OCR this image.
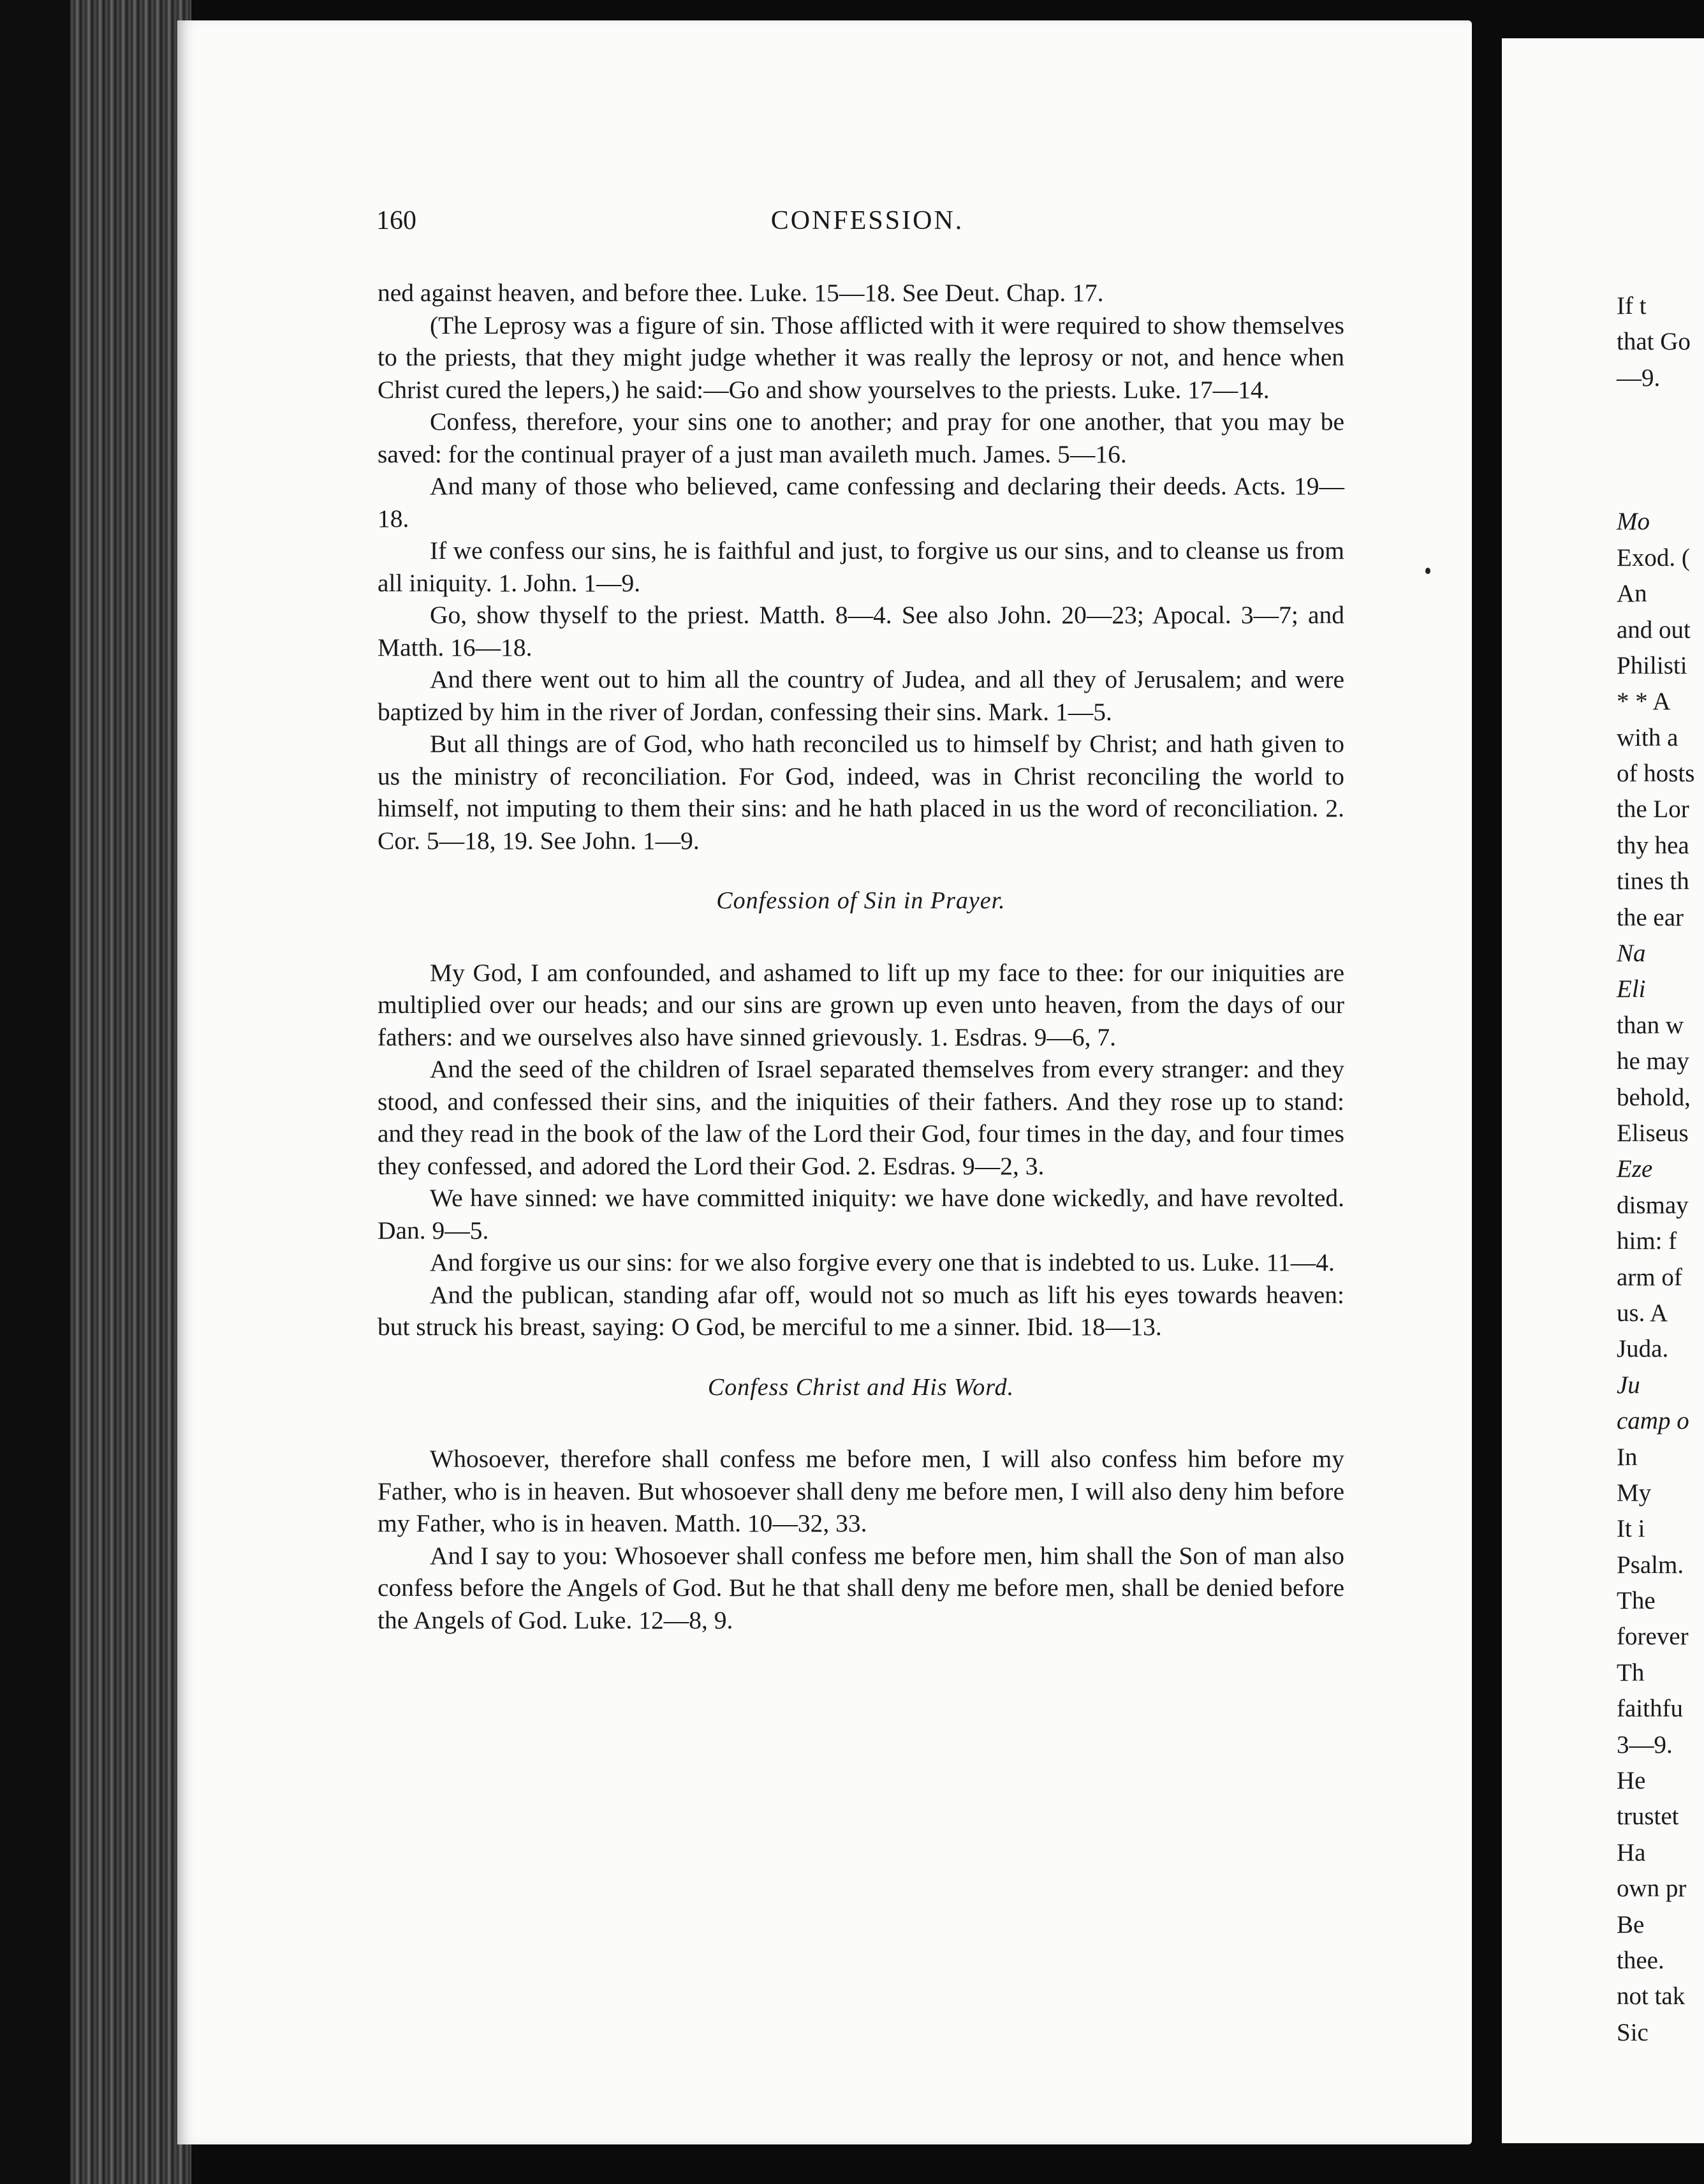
160	CONFESSION.

ned against heaven, and before thee. Luke. 15—18. See Deut. Chap. 17.

(The Leprosy was a figure of sin. Those afflicted with it were required to show themselves to the priests, that they might judge whether it was really the leprosy or not, and hence when Christ cured the lepers,) he said:—Go and show yourselves to the priests. Luke. 17—14.

Confess, therefore, your sins one to another; and pray for one another, that you may be saved: for the continual prayer of a just man availeth much. James. 5—16.

And many of those who believed, came confessing and declaring their deeds. Acts. 19—18.

If we confess our sins, he is faithful and just, to forgive us our sins, and to cleanse us from all iniquity. 1. John. 1—9.

Go, show thyself to the priest. Matth. 8—4. See also John. 20—23; Apocal. 3—7; and Matth. 16—18.

And there went out to him all the country of Judea, and all they of Jerusalem; and were baptized by him in the river of Jordan, confessing their sins. Mark. 1—5.

But all things are of God, who hath reconciled us to himself by Christ; and hath given to us the ministry of reconciliation. For God, indeed, was in Christ reconciling the world to himself, not imputing to them their sins: and he hath placed in us the word of reconciliation. 2. Cor. 5—18, 19. See John. 1—9.

Confession of Sin in Prayer.

My God, I am confounded, and ashamed to lift up my face to thee: for our iniquities are multiplied over our heads; and our sins are grown up even unto heaven, from the days of our fathers: and we ourselves also have sinned grievously. 1. Esdras. 9—6, 7.

And the seed of the children of Israel separated themselves from every stranger: and they stood, and confessed their sins, and the iniquities of their fathers. And they rose up to stand: and they read in the book of the law of the Lord their God, four times in the day, and four times they confessed, and adored the Lord their God. 2. Esdras. 9—2, 3.

We have sinned: we have committed iniquity: we have done wickedly, and have revolted. Dan. 9—5.

And forgive us our sins: for we also forgive every one that is indebted to us. Luke. 11—4.

And the publican, standing afar off, would not so much as lift his eyes towards heaven: but struck his breast, saying: O God, be merciful to me a sinner. Ibid. 18—13.

Confess Christ and His Word.

Whosoever, therefore shall confess me before men, I will also confess him before my Father, who is in heaven. But whosoever shall deny me before men, I will also deny him before my Father, who is in heaven. Matth. 10—32, 33.

And I say to you: Whosoever shall confess me before men, him shall the Son of man also confess before the Angels of God. But he that shall deny me before men, shall be denied before the Angels of God. Luke. 12—8, 9.

If t
that Go
—9.
Mo
Exod. (
An
and out
Philisti
* * A
with a
of hosts
the Lor
thy hea
tines th
the ear
Na
Eli
than w
he may
behold,
Eliseus
Eze
dismay
him: f
arm of
us. A
Juda.
Ju
camp o
In
My
It i
Psalm.
The
forever
Th
faithfu
3—9.
He
trustet
Ha
own pr
Be
thee.
not tak
Sic
